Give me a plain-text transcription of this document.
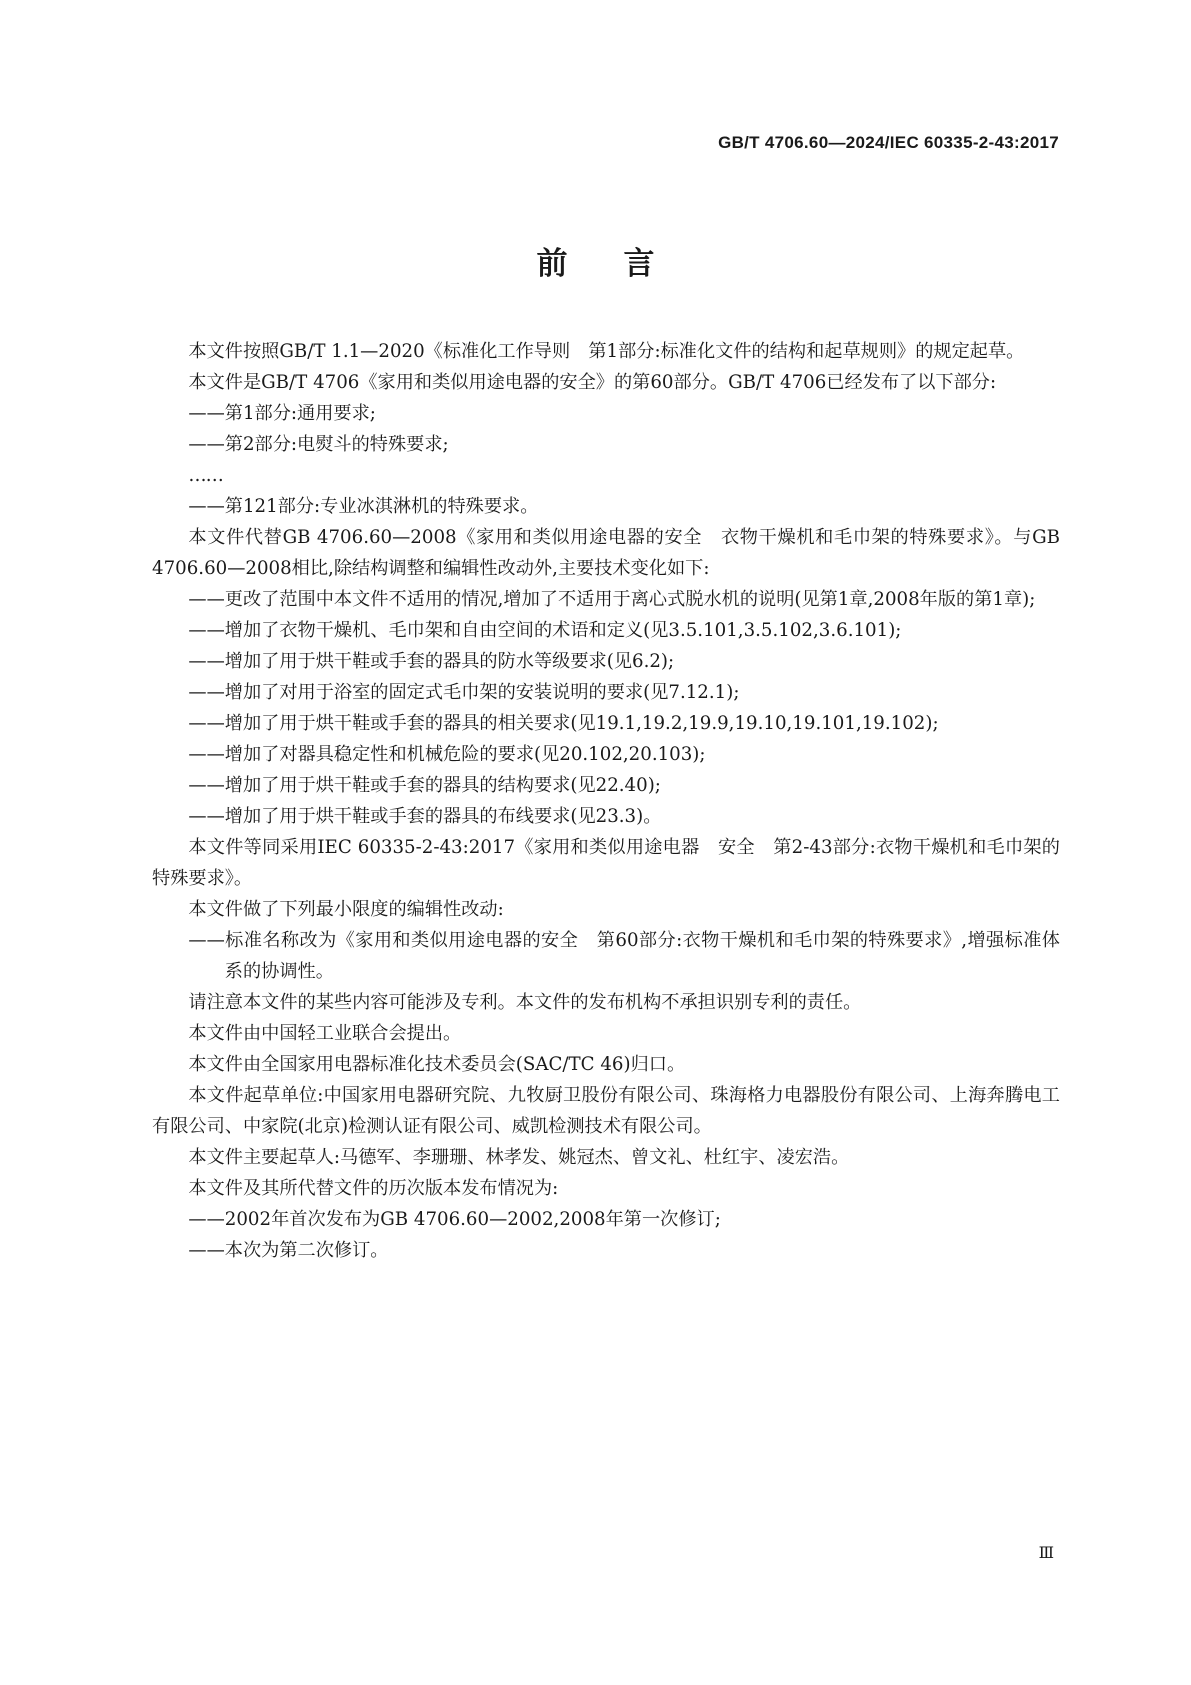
GB/T 4706.60—2024/IEC 60335-2-43:2017
前 言

本文件按照GB/T 1.1—2020《标准化工作导则　第1部分:标准化文件的结构和起草规则》的规定起草。

本文件是GB/T 4706《家用和类似用途电器的安全》的第60部分。GB/T 4706已经发布了以下部分:

——第1部分:通用要求;

——第2部分:电熨斗的特殊要求;

……

——第121部分:专业冰淇淋机的特殊要求。

本文件代替GB 4706.60—2008《家用和类似用途电器的安全　衣物干燥机和毛巾架的特殊要求》。与GB 4706.60—2008相比,除结构调整和编辑性改动外,主要技术变化如下:

——更改了范围中本文件不适用的情况,增加了不适用于离心式脱水机的说明(见第1章,2008年版的第1章);

——增加了衣物干燥机、毛巾架和自由空间的术语和定义(见3.5.101,3.5.102,3.6.101);

——增加了用于烘干鞋或手套的器具的防水等级要求(见6.2);

——增加了对用于浴室的固定式毛巾架的安装说明的要求(见7.12.1);

——增加了用于烘干鞋或手套的器具的相关要求(见19.1,19.2,19.9,19.10,19.101,19.102);

——增加了对器具稳定性和机械危险的要求(见20.102,20.103);

——增加了用于烘干鞋或手套的器具的结构要求(见22.40);

——增加了用于烘干鞋或手套的器具的布线要求(见23.3)。

本文件等同采用IEC 60335-2-43:2017《家用和类似用途电器　安全　第2-43部分:衣物干燥机和毛巾架的特殊要求》。

本文件做了下列最小限度的编辑性改动:

——标准名称改为《家用和类似用途电器的安全　第60部分:衣物干燥机和毛巾架的特殊要求》,增强标准体系的协调性。

请注意本文件的某些内容可能涉及专利。本文件的发布机构不承担识别专利的责任。

本文件由中国轻工业联合会提出。

本文件由全国家用电器标准化技术委员会(SAC/TC 46)归口。

本文件起草单位:中国家用电器研究院、九牧厨卫股份有限公司、珠海格力电器股份有限公司、上海奔腾电工有限公司、中家院(北京)检测认证有限公司、威凯检测技术有限公司。

本文件主要起草人:马德军、李珊珊、林孝发、姚冠杰、曾文礼、杜红宇、凌宏浩。

本文件及其所代替文件的历次版本发布情况为:

——2002年首次发布为GB 4706.60—2002,2008年第一次修订;

——本次为第二次修订。

Ⅲ
